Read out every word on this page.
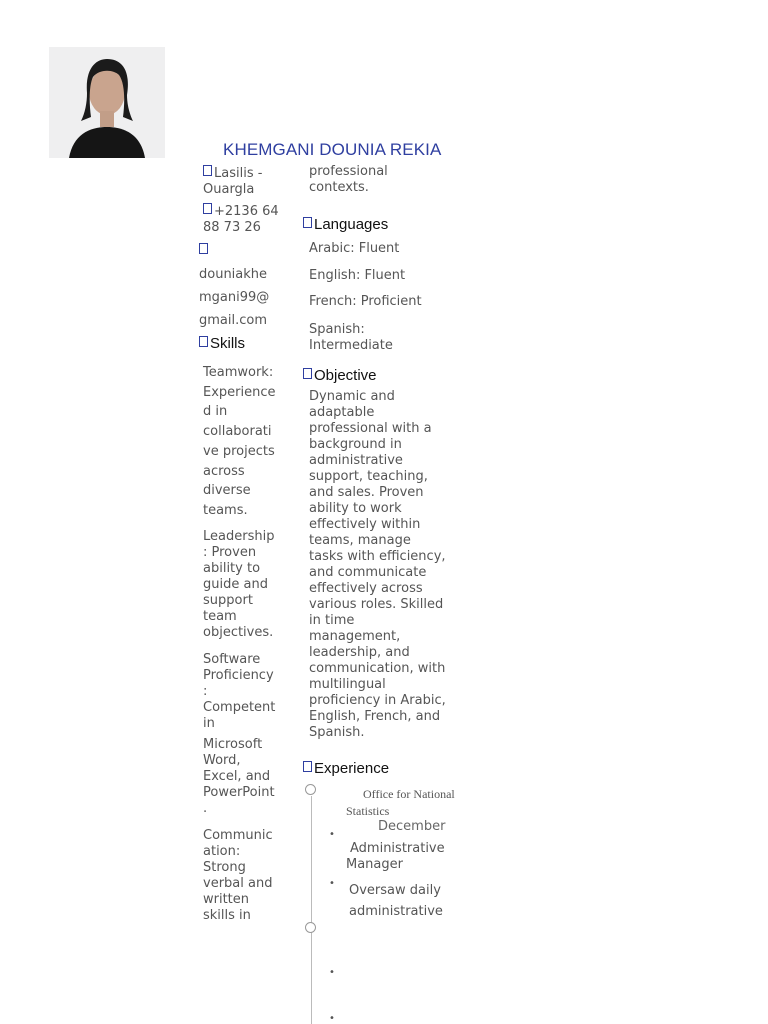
KHEMGANI DOUNIA REKIA
Lasilis -
Ouargla
+2136 64
88 73 26
douniakhe
mgani99@
gmail.com
Skills
Teamwork:
Experience
d in
collaborati
ve projects
across
diverse
teams.
Leadership
: Proven
ability to
guide and
support
team
objectives.
Software
Proficiency
:
Competent
in
Microsoft
Word,
Excel, and
PowerPoint
.
Communic
ation:
Strong
verbal and
written
skills in
professional
contexts.
Languages
Arabic: Fluent
English: Fluent
French: Proficient
Spanish:
Intermediate
Objective
Dynamic and
adaptable
professional with a
background in
administrative
support, teaching,
and sales. Proven
ability to work
effectively within
teams, manage
tasks with efficiency,
and communicate
effectively across
various roles. Skilled
in time
management,
leadership, and
communication, with
multilingual
proficiency in Arabic,
English, French, and
Spanish.
Experience
Office for National
Statistics
December
•
Administrative
Manager
• Oversaw daily
administrative
•
•
